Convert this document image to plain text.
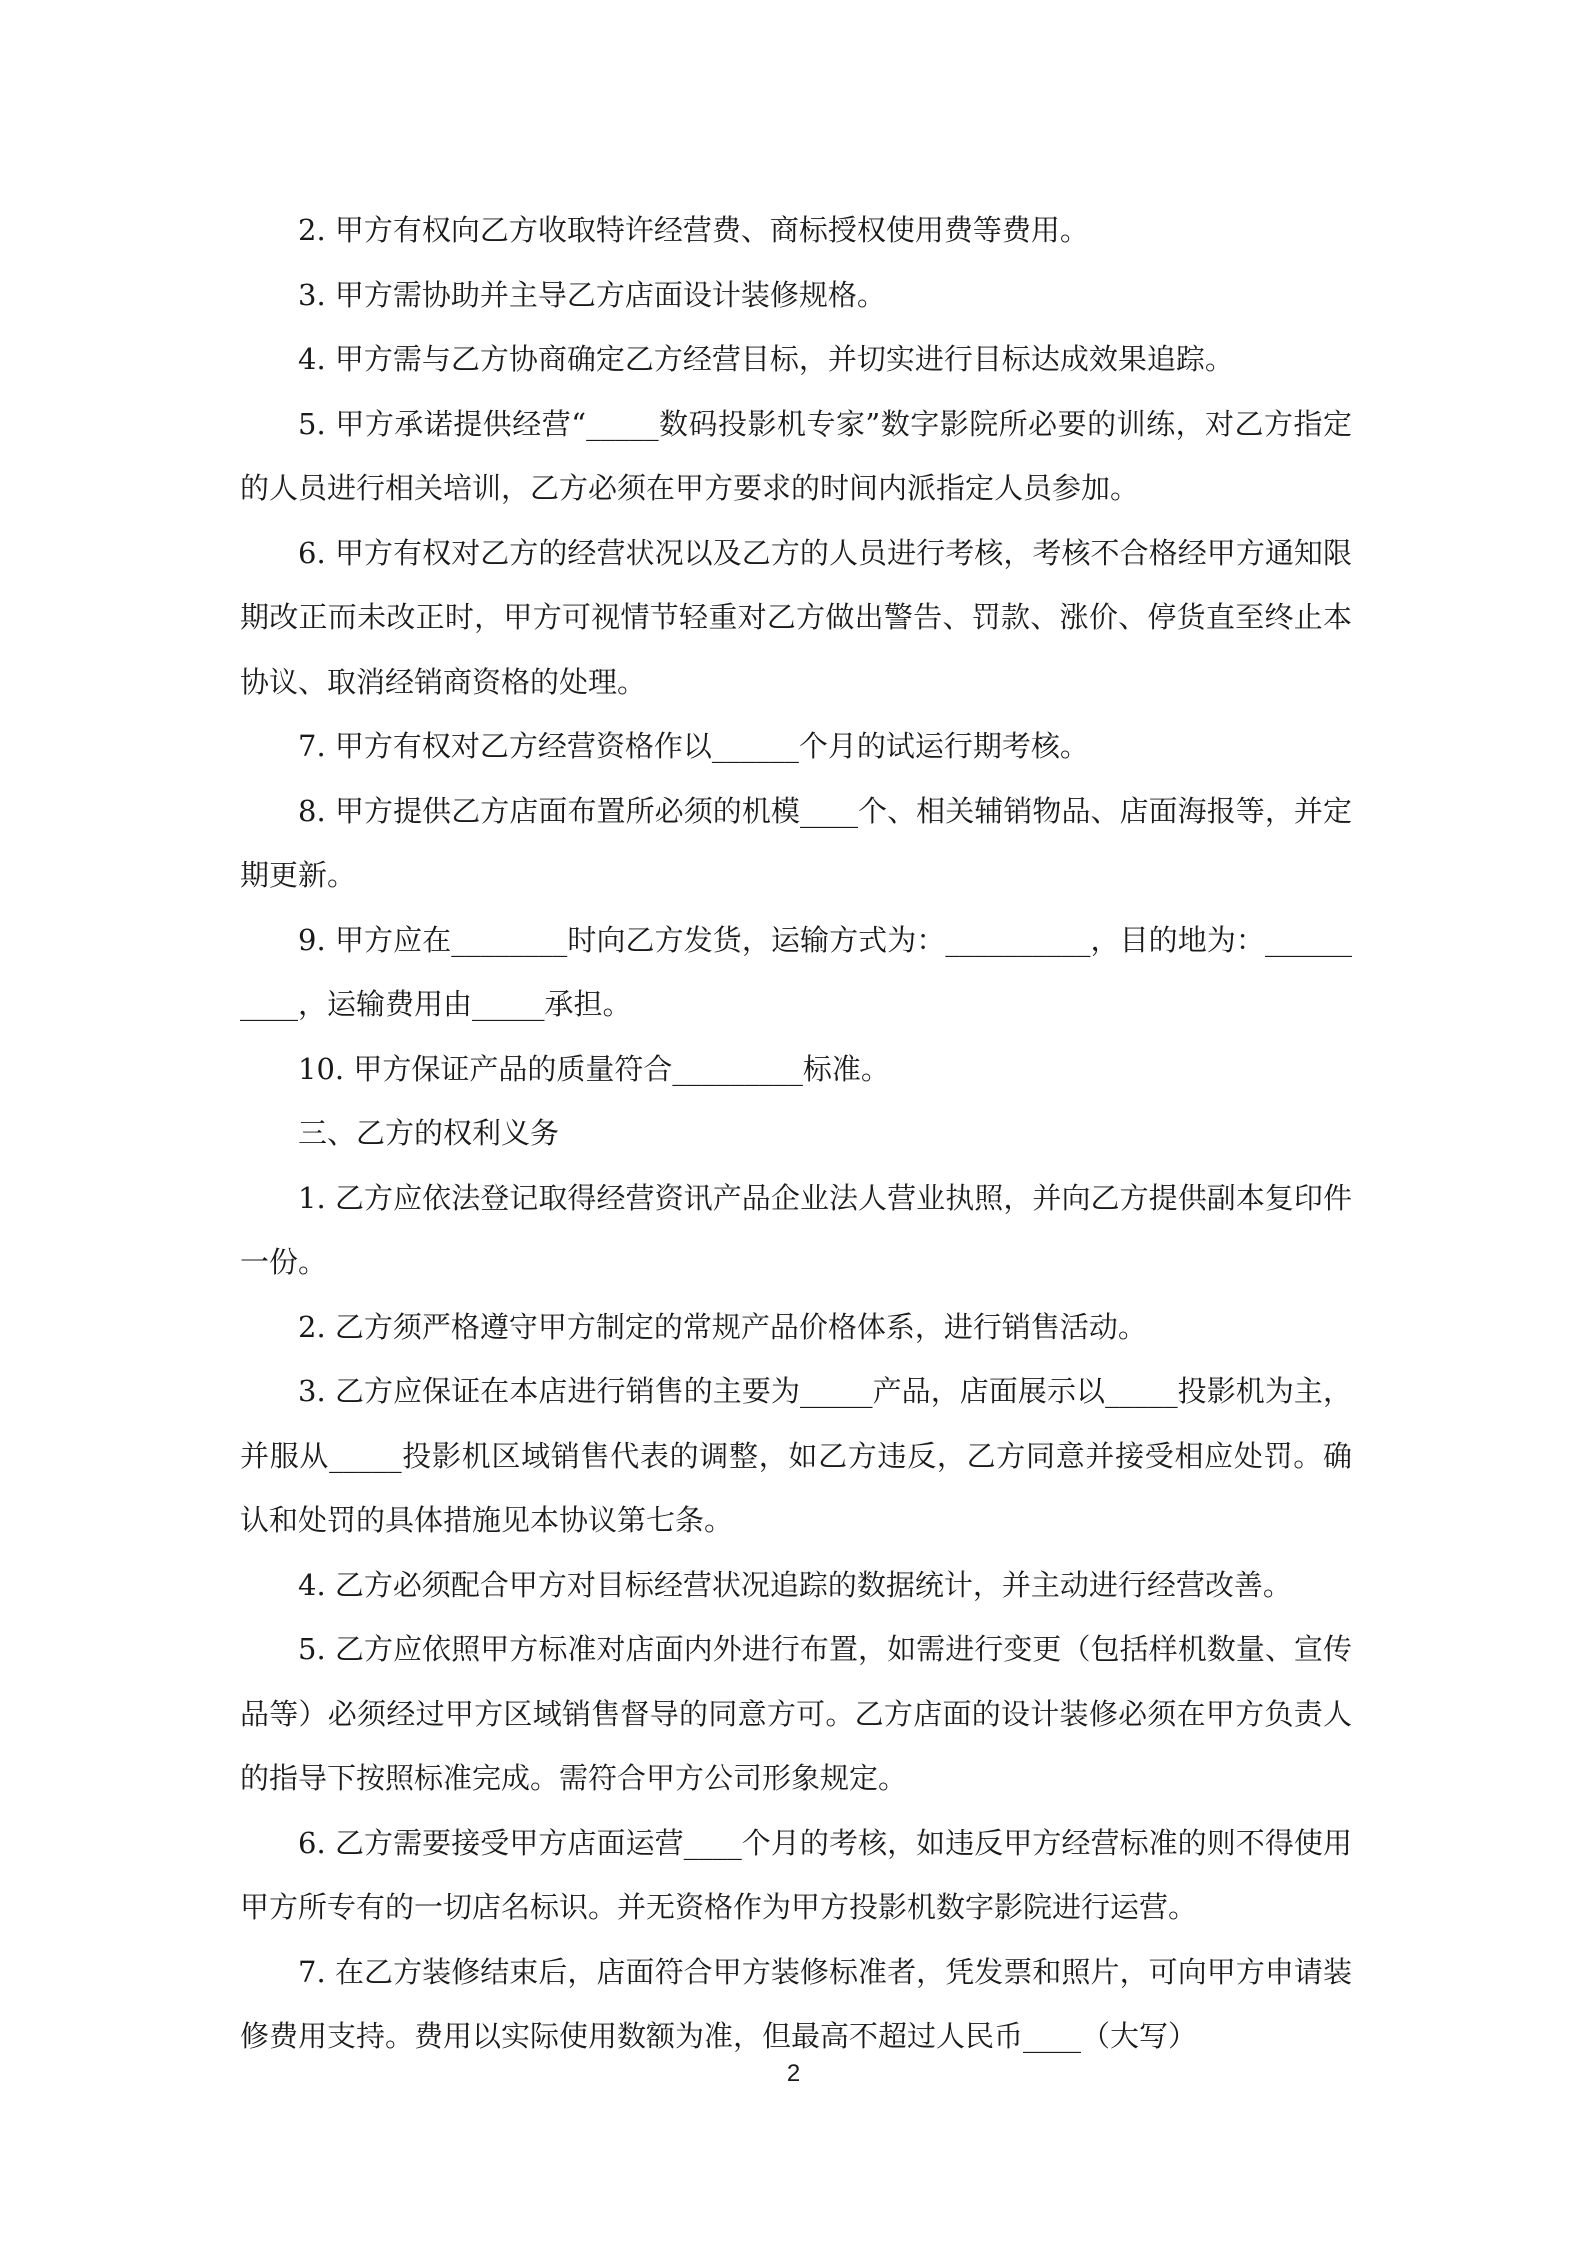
2. 甲方有权向乙方收取特许经营费、商标授权使用费等费用。

3. 甲方需协助并主导乙方店面设计装修规格。

4. 甲方需与乙方协商确定乙方经营目标，并切实进行目标达成效果追踪。

5. 甲方承诺提供经营“_____数码投影机专家”数字影院所必要的训练，对乙方指定的人员进行相关培训，乙方必须在甲方要求的时间内派指定人员参加。

6. 甲方有权对乙方的经营状况以及乙方的人员进行考核，考核不合格经甲方通知限期改正而未改正时，甲方可视情节轻重对乙方做出警告、罚款、涨价、停货直至终止本协议、取消经销商资格的处理。

7. 甲方有权对乙方经营资格作以______个月的试运行期考核。

8. 甲方提供乙方店面布置所必须的机模____个、相关辅销物品、店面海报等，并定期更新。

9. 甲方应在________时向乙方发货，运输方式为：__________，目的地为：__________，运输费用由_____承担。

10. 甲方保证产品的质量符合_________标准。

三、乙方的权利义务

1. 乙方应依法登记取得经营资讯产品企业法人营业执照，并向乙方提供副本复印件一份。

2. 乙方须严格遵守甲方制定的常规产品价格体系，进行销售活动。

3. 乙方应保证在本店进行销售的主要为_____产品，店面展示以_____投影机为主，并服从_____投影机区域销售代表的调整，如乙方违反，乙方同意并接受相应处罚。确认和处罚的具体措施见本协议第七条。

4. 乙方必须配合甲方对目标经营状况追踪的数据统计，并主动进行经营改善。

5. 乙方应依照甲方标准对店面内外进行布置，如需进行变更（包括样机数量、宣传品等）必须经过甲方区域销售督导的同意方可。乙方店面的设计装修必须在甲方负责人的指导下按照标准完成。需符合甲方公司形象规定。

6. 乙方需要接受甲方店面运营____个月的考核，如违反甲方经营标准的则不得使用甲方所专有的一切店名标识。并无资格作为甲方投影机数字影院进行运营。

7. 在乙方装修结束后，店面符合甲方装修标准者，凭发票和照片，可向甲方申请装修费用支持。费用以实际使用数额为准，但最高不超过人民币____（大写）

2
